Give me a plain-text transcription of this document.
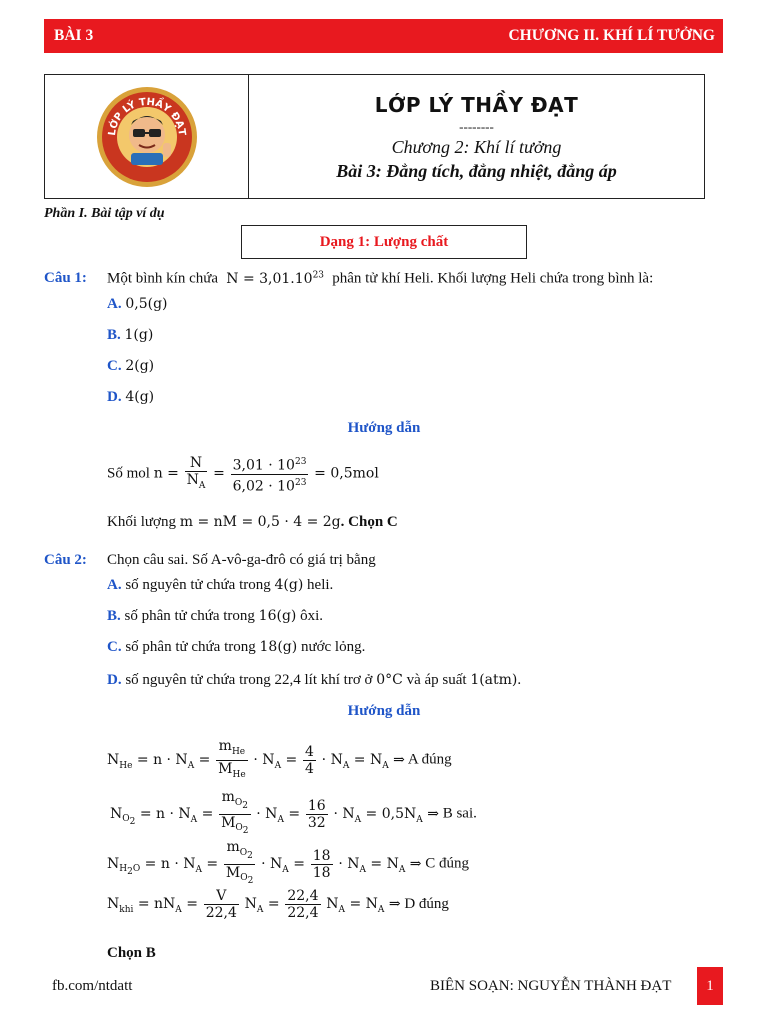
BÀI 3	CHƯƠNG II. KHÍ LÍ TƯỞNG
LỚP LÝ THẦY ĐẠT
LỚP LÝ THẦY ĐẠT
--------
Chương 2: Khí lí tưởng
Bài 3: Đẳng tích, đẳng nhiệt, đẳng áp
Phần I. Bài tập ví dụ
Dạng 1: Lượng chất
Câu 1: Một bình kín chứa  $N = 3,01.10^{23}$ phân tử khí Heli. Khối lượng Heli chứa trong bình là:
A. 0,5(g)
B. 1(g)
C. 2(g)
D. 4(g)
Hướng dẫn
Số mol $n = \frac{N}{N_A} = \frac{3,01 \cdot 10^{23}}{6,02 \cdot 10^{23}} = 0,5mol$
Khối lượng m = nM = 0,5 · 4 = 2g. Chọn C
Câu 2: Chọn câu sai. Số A-vô-ga-đrô có giá trị bằng
A. số nguyên tử chứa trong 4(g) heli.
B. số phân tử chứa trong 16(g) ôxi.
C. số phân tử chứa trong 18(g) nước lỏng.
D. số nguyên tử chứa trong 22,4 lít khí trơ ở 0°C và áp suất 1(atm).
Hướng dẫn
$N_{He} = n \cdot N_A = \frac{m_{He}}{M_{He}} \cdot N_A = \frac{4}{4} \cdot N_A = N_A$ ⇒ A đúng
$N_{O_2} = n \cdot N_A = \frac{m_{O_2}}{M_{O_2}} \cdot N_A = \frac{16}{32} \cdot N_A = 0,5N_A$ ⇒ B sai.
$N_{H_2O} = n \cdot N_A = \frac{m_{O_2}}{M_{O_2}} \cdot N_A = \frac{18}{18} \cdot N_A = N_A$ ⇒ C đúng
$N_{khi} = nN_A = \frac{V}{22,4} N_A = \frac{22,4}{22,4} N_A = N_A$ ⇒ D đúng
Chọn B
fb.com/ntdatt	BIÊN SOẠN: NGUYỄN THÀNH ĐẠT	1
